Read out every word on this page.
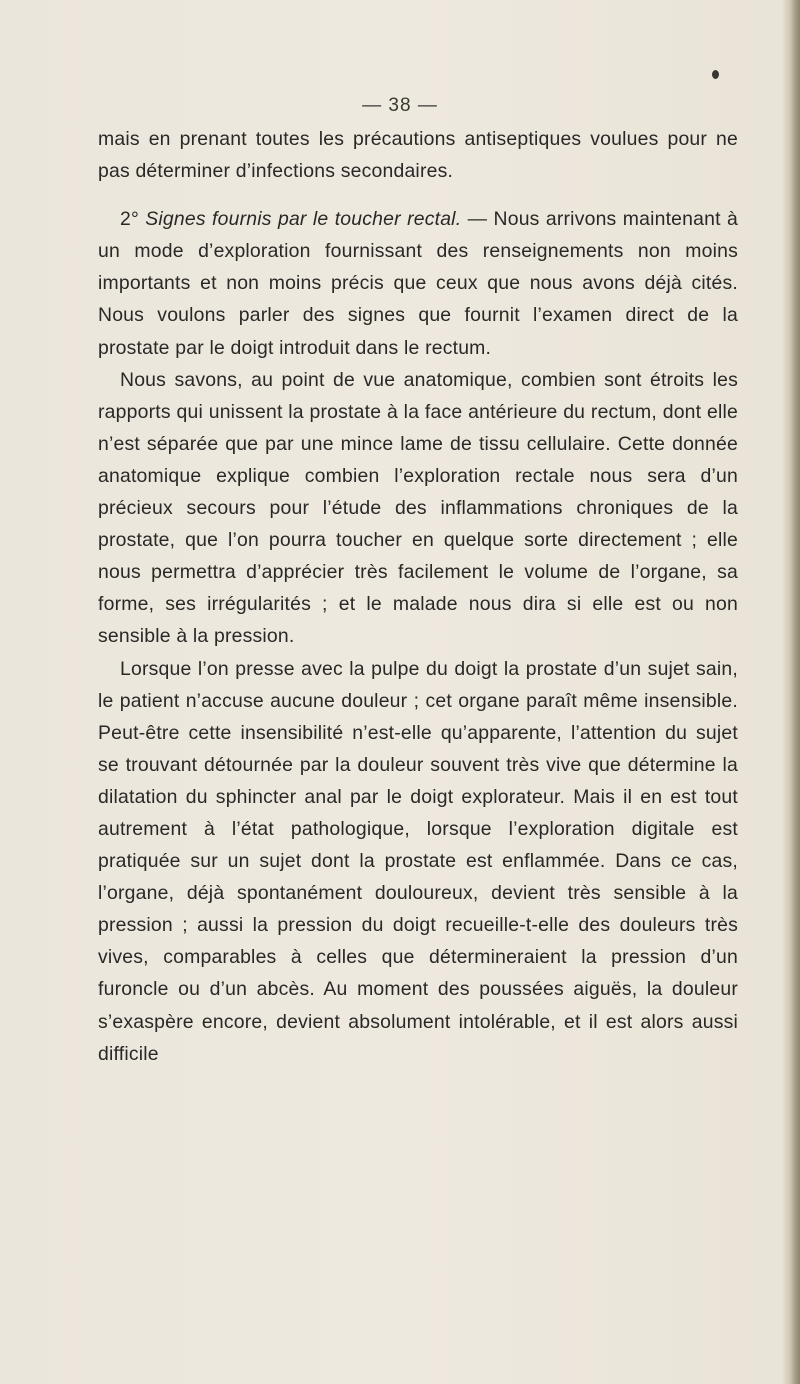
— 38 —

mais en prenant toutes les précautions antiseptiques voulues pour ne pas déterminer d’infections secondaires.

2° Signes fournis par le toucher rectal. — Nous arrivons maintenant à un mode d’exploration fournissant des renseignements non moins importants et non moins précis que ceux que nous avons déjà cités. Nous voulons parler des signes que fournit l’examen direct de la prostate par le doigt introduit dans le rectum.

Nous savons, au point de vue anatomique, combien sont étroits les rapports qui unissent la prostate à la face antérieure du rectum, dont elle n’est séparée que par une mince lame de tissu cellulaire. Cette donnée anatomique explique combien l’exploration rectale nous sera d’un précieux secours pour l’étude des inflammations chroniques de la prostate, que l’on pourra toucher en quelque sorte directement ; elle nous permettra d’apprécier très facilement le volume de l’organe, sa forme, ses irrégularités ; et le malade nous dira si elle est ou non sensible à la pression.

Lorsque l’on presse avec la pulpe du doigt la prostate d’un sujet sain, le patient n’accuse aucune douleur ; cet organe paraît même insensible. Peut-être cette insensibilité n’est-elle qu’apparente, l’attention du sujet se trouvant détournée par la douleur souvent très vive que détermine la dilatation du sphincter anal par le doigt explorateur. Mais il en est tout autrement à l’état pathologique, lorsque l’exploration digitale est pratiquée sur un sujet dont la prostate est enflammée. Dans ce cas, l’organe, déjà spontanément douloureux, devient très sensible à la pression ; aussi la pression du doigt recueille-t-elle des douleurs très vives, comparables à celles que détermineraient la pression d’un furoncle ou d’un abcès. Au moment des poussées aiguës, la douleur s’exaspère encore, devient absolument intolérable, et il est alors aussi difficile
